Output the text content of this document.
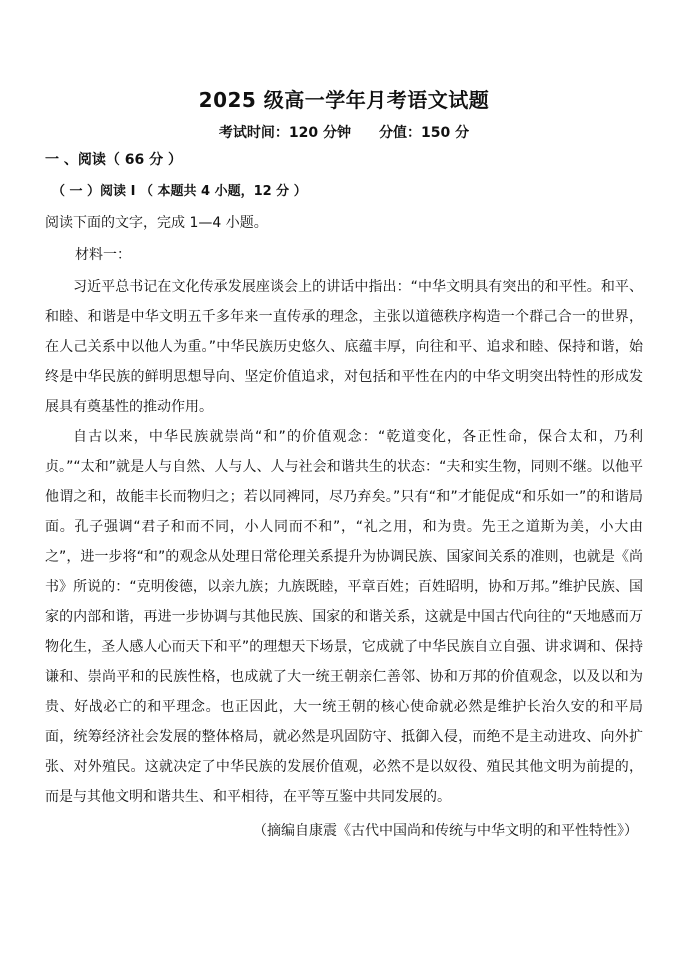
2025 级高一学年月考语文试题
考试时间：120 分钟 分值：150 分
一 、阅读（ 66 分 ）
（ 一 ）阅读 I （ 本题共 4 小题，12 分 ）
阅读下面的文字，完成 1—4 小题。
材料一：

习近平总书记在文化传承发展座谈会上的讲话中指出：“中华文明具有突出的和平性。和平、和睦、和谐是中华文明五千多年来一直传承的理念，主张以道德秩序构造一个群己合一的世界，在人己关系中以他人为重。”中华民族历史悠久、底蕴丰厚，向往和平、追求和睦、保持和谐，始终是中华民族的鲜明思想导向、坚定价值追求，对包括和平性在内的中华文明突出特性的形成发展具有奠基性的推动作用。

自古以来，中华民族就崇尚“和”的价值观念：“乾道变化，各正性命，保合太和，乃利贞。”“太和”就是人与自然、人与人、人与社会和谐共生的状态：“夫和实生物，同则不继。以他平他谓之和，故能丰长而物归之；若以同裨同，尽乃弃矣。”只有“和”才能促成“和乐如一”的和谐局面。孔子强调“君子和而不同，小人同而不和”，“礼之用，和为贵。先王之道斯为美，小大由 之”，进一步将“和”的观念从处理日常伦理关系提升为协调民族、国家间关系的准则，也就是《尚书》所说的：“克明俊德，以亲九族；九族既睦，平章百姓；百姓昭明，协和万邦。”维护民族、国家的内部和谐，再进一步协调与其他民族、国家的和谐关系，这就是中国古代向往的“天地感而万物化生，圣人感人心而天下和平”的理想天下场景，它成就了中华民族自立自强、讲求调和、保持谦和、崇尚平和的民族性格，也成就了大一统王朝亲仁善邻、协和万邦的价值观念，以及以和为贵、好战必亡的和平理念。也正因此，大一统王朝的核心使命就必然是维护长治久安的和平局面，统筹经济社会发展的整体格局，就必然是巩固防守、抵御入侵，而绝不是主动进攻、向外扩张、对外殖民。这就决定了中华民族的发展价值观，必然不是以奴役、殖民其他文明为前提的，而是与其他文明和谐共生、和平相待，在平等互鉴中共同发展的。

（摘编自康震《古代中国尚和传统与中华文明的和平性特性》）
